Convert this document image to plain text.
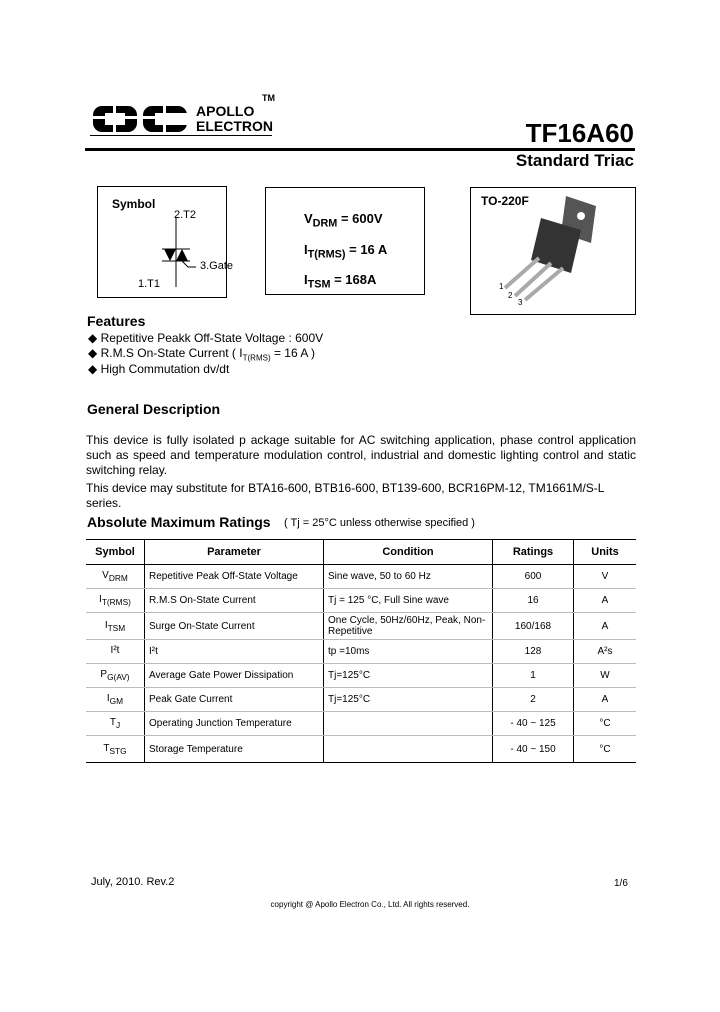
APOLLO
ELECTRON
TM
TF16A60
Standard Triac
Symbol
2.T2
3.Gate
1.T1
$V_{DRM} = 600V$
$I_{T(RMS)} = 16$ A
$I_{TSM} = 168A$
TO-220F
1
2
3
Features
◆ Repetitive Peakk Off-State Voltage : 600V
◆ R.M.S On-State Current ( $I_{T(RMS)} = 16$ A )
◆ High Commutation dv/dt
General Description
This device is fully isolated p ackage suitable for AC switching application, phase control application such as speed and temperature modulation control, industrial and domestic lighting control and static switching relay.
This device may substitute for BTA16-600, BTB16-600, BT139-600, BCR16PM-12, TM1661M/S-L series.
Absolute Maximum Ratings ( Tj = 25°C unless otherwise specified )
Symbol	Parameter	Condition	Ratings	Units
$V_{DRM}$	Repetitive Peak Off-State Voltage	Sine wave, 50 to 60 Hz	600	V
$I_{T(RMS)}$	R.M.S On-State Current	Tj = 125 °C, Full Sine wave	16	A
$I_{TSM}$	Surge On-State Current	One Cycle, 50Hz/60Hz, Peak, Non-Repetitive	160/168	A
I²t	I²t	tp =10ms	128	A²s
$P_{G(AV)}$	Average Gate Power Dissipation	Tj=125°C	1	W
$I_{GM}$	Peak Gate Current	Tj=125°C	2	A
$T_J$	Operating Junction Temperature		- 40 ~ 125	°C
$T_{STG}$	Storage Temperature		- 40 ~ 150	°C
July, 2010. Rev.2	1/6
copyright @ Apollo Electron Co., Ltd. All rights reserved.
